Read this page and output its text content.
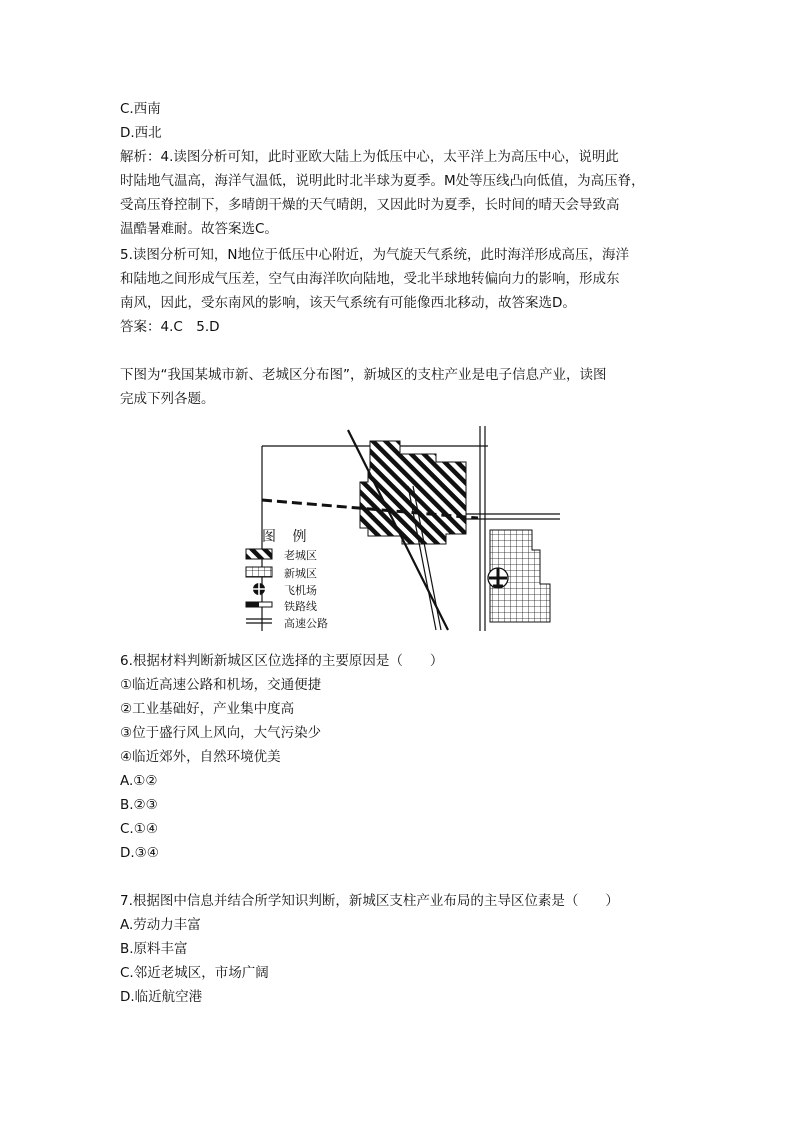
C.西南
D.西北
解析：4.读图分析可知，此时亚欧大陆上为低压中心，太平洋上为高压中心，说明此
时陆地气温高，海洋气温低，说明此时北半球为夏季。M处等压线凸向低值，为高压脊，
受高压脊控制下，多晴朗干燥的天气晴朗，又因此时为夏季，长时间的晴天会导致高
温酷暑难耐。故答案选C。
5.读图分析可知，N地位于低压中心附近，为气旋天气系统，此时海洋形成高压，海洋
和陆地之间形成气压差，空气由海洋吹向陆地，受北半球地转偏向力的影响，形成东
南风，因此，受东南风的影响，该天气系统有可能像西北移动，故答案选D。
答案：4.C　5.D
下图为“我国某城市新、老城区分布图”，新城区的支柱产业是电子信息产业，读图
完成下列各题。
图 例
老城区
新城区
飞机场
铁路线
高速公路
6.根据材料判断新城区区位选择的主要原因是（　　）
①临近高速公路和机场，交通便捷
②工业基础好，产业集中度高
③位于盛行风上风向，大气污染少
④临近郊外，自然环境优美
A.①②
B.②③
C.①④
D.③④
7.根据图中信息并结合所学知识判断，新城区支柱产业布局的主导区位素是（　　）
A.劳动力丰富
B.原料丰富
C.邻近老城区，市场广阔
D.临近航空港
